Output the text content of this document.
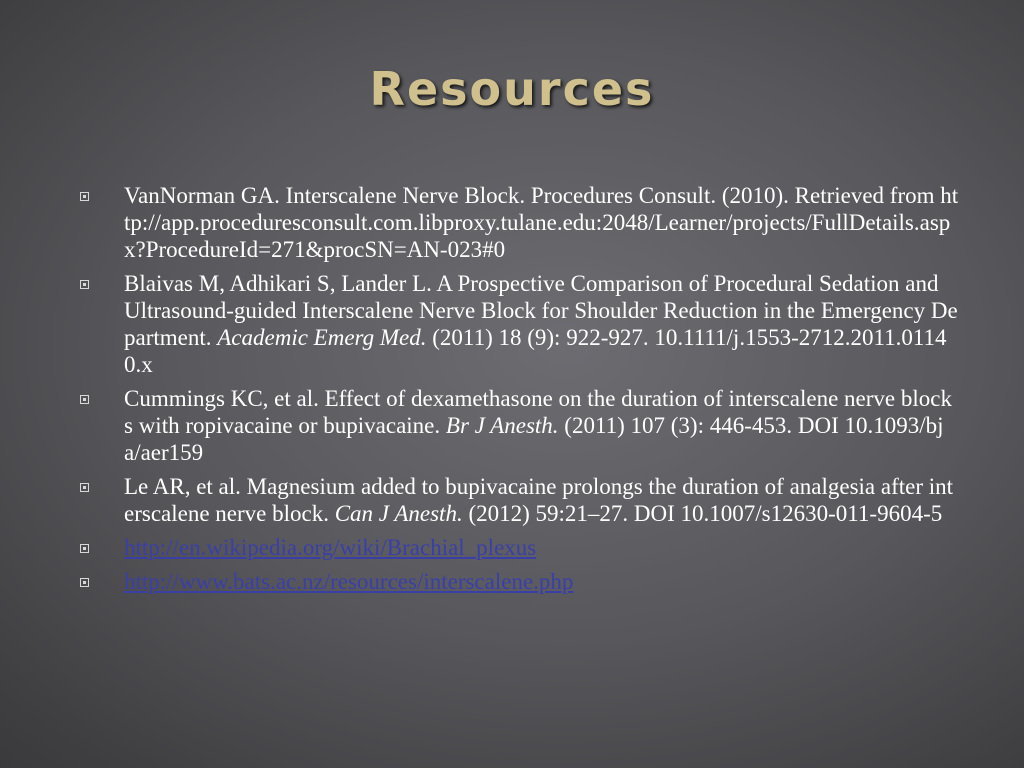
Resources
VanNorman GA. Interscalene Nerve Block. Procedures Consult. (2010). Retrieved from http://app.proceduresconsult.com.libproxy.tulane.edu:2048/Learner/projects/FullDetails.aspx?ProcedureId=271&procSN=AN-023#0
Blaivas M, Adhikari S, Lander L. A Prospective Comparison of Procedural Sedation and Ultrasound-guided Interscalene Nerve Block for Shoulder Reduction in the Emergency Department. Academic Emerg Med. (2011) 18 (9): 922-927. 10.1111/j.1553-2712.2011.01140.x
Cummings KC, et al. Effect of dexamethasone on the duration of interscalene nerve blocks with ropivacaine or bupivacaine. Br J Anesth. (2011) 107 (3): 446-453. DOI 10.1093/bja/aer159
Le AR, et al. Magnesium added to bupivacaine prolongs the duration of analgesia after interscalene nerve block. Can J Anesth. (2012) 59:21–27. DOI 10.1007/s12630-011-9604-5
http://en.wikipedia.org/wiki/Brachial_plexus
http://www.bats.ac.nz/resources/interscalene.php
